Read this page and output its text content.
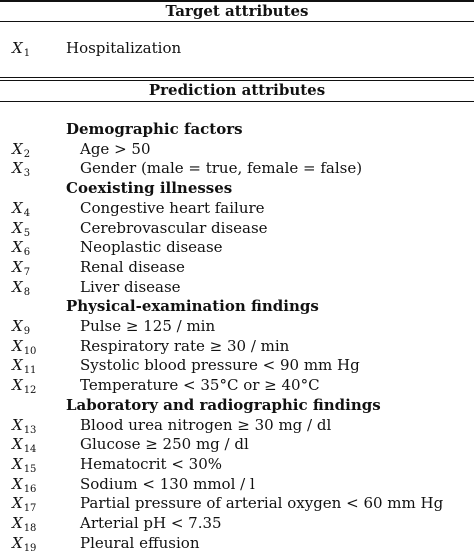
Target attributes
$X_1$ Hospitalization
Prediction attributes
Demographic factors
$X_2$	Age > 50
$X_3$	Gender (male = true, female = false)
Coexisting illnesses
$X_4$	Congestive heart failure
$X_5$	Cerebrovascular disease
$X_6$	Neoplastic disease
$X_7$	Renal disease
$X_8$	Liver disease
Physical-examination findings
$X_9$	Pulse ≥ 125 / min
$X_{10}$	Respiratory rate ≥ 30 / min
$X_{11}$	Systolic blood pressure < 90 mm Hg
$X_{12}$	Temperature < 35°C or ≥ 40°C
Laboratory and radiographic findings
$X_{13}$	Blood urea nitrogen ≥ 30 mg / dl
$X_{14}$	Glucose ≥ 250 mg / dl
$X_{15}$	Hematocrit < 30%
$X_{16}$	Sodium < 130 mmol / l
$X_{17}$	Partial pressure of arterial oxygen < 60 mm Hg
$X_{18}$	Arterial pH < 7.35
$X_{19}$	Pleural effusion
